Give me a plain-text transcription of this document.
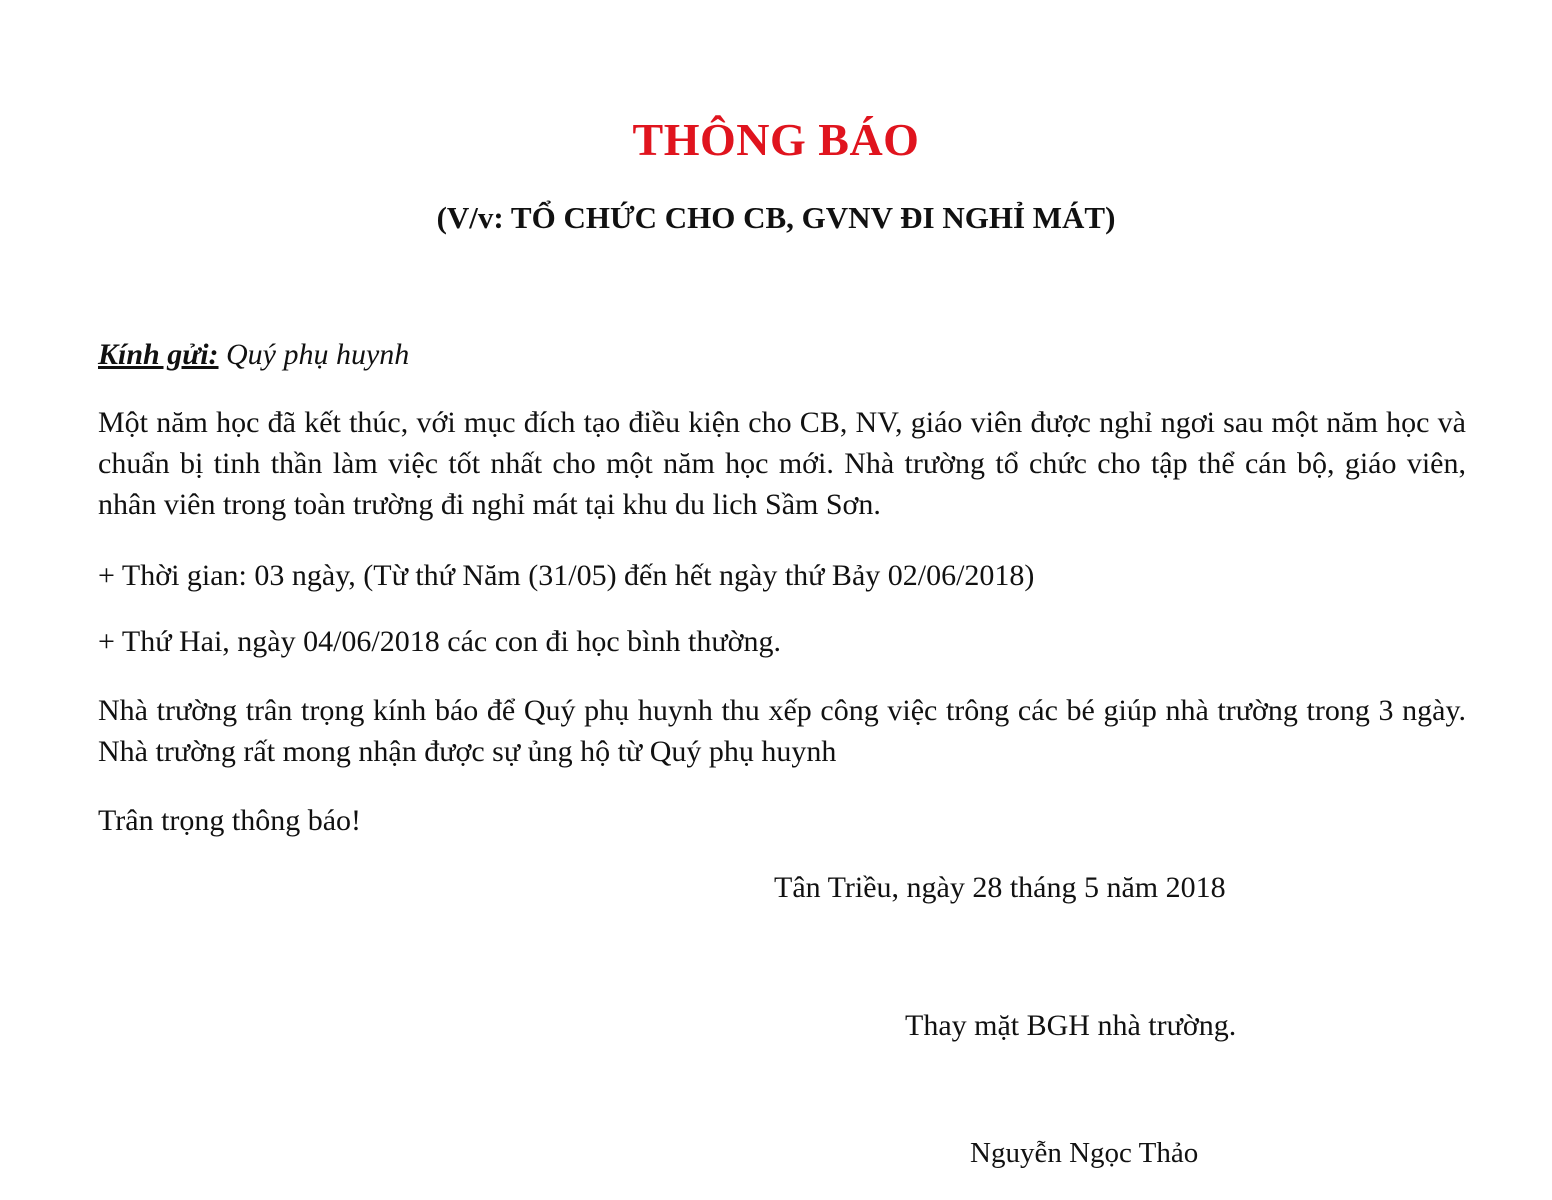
THÔNG BÁO
(V/v: TỔ CHỨC CHO CB, GVNV ĐI NGHỈ MÁT)
Kính gửi: Quý phụ huynh
Một năm học đã kết thúc, với mục đích tạo điều kiện cho CB, NV, giáo viên được nghỉ ngơi sau một năm học và chuẩn bị tinh thần làm việc tốt nhất cho một năm học mới. Nhà trường tổ chức cho tập thể cán bộ, giáo viên, nhân viên trong toàn trường đi nghỉ mát tại khu du lich Sầm Sơn.
+ Thời gian: 03 ngày, (Từ thứ Năm (31/05) đến hết ngày thứ Bảy 02/06/2018)
+ Thứ Hai, ngày 04/06/2018 các con đi học bình thường.
Nhà trường trân trọng kính báo để Quý phụ huynh thu xếp công việc trông các bé giúp nhà trường trong 3 ngày. Nhà trường rất mong nhận được sự ủng hộ từ Quý phụ huynh
Trân trọng thông báo!
Tân Triều, ngày 28 tháng 5 năm 2018
Thay mặt BGH nhà trường.
Nguyễn Ngọc Thảo
